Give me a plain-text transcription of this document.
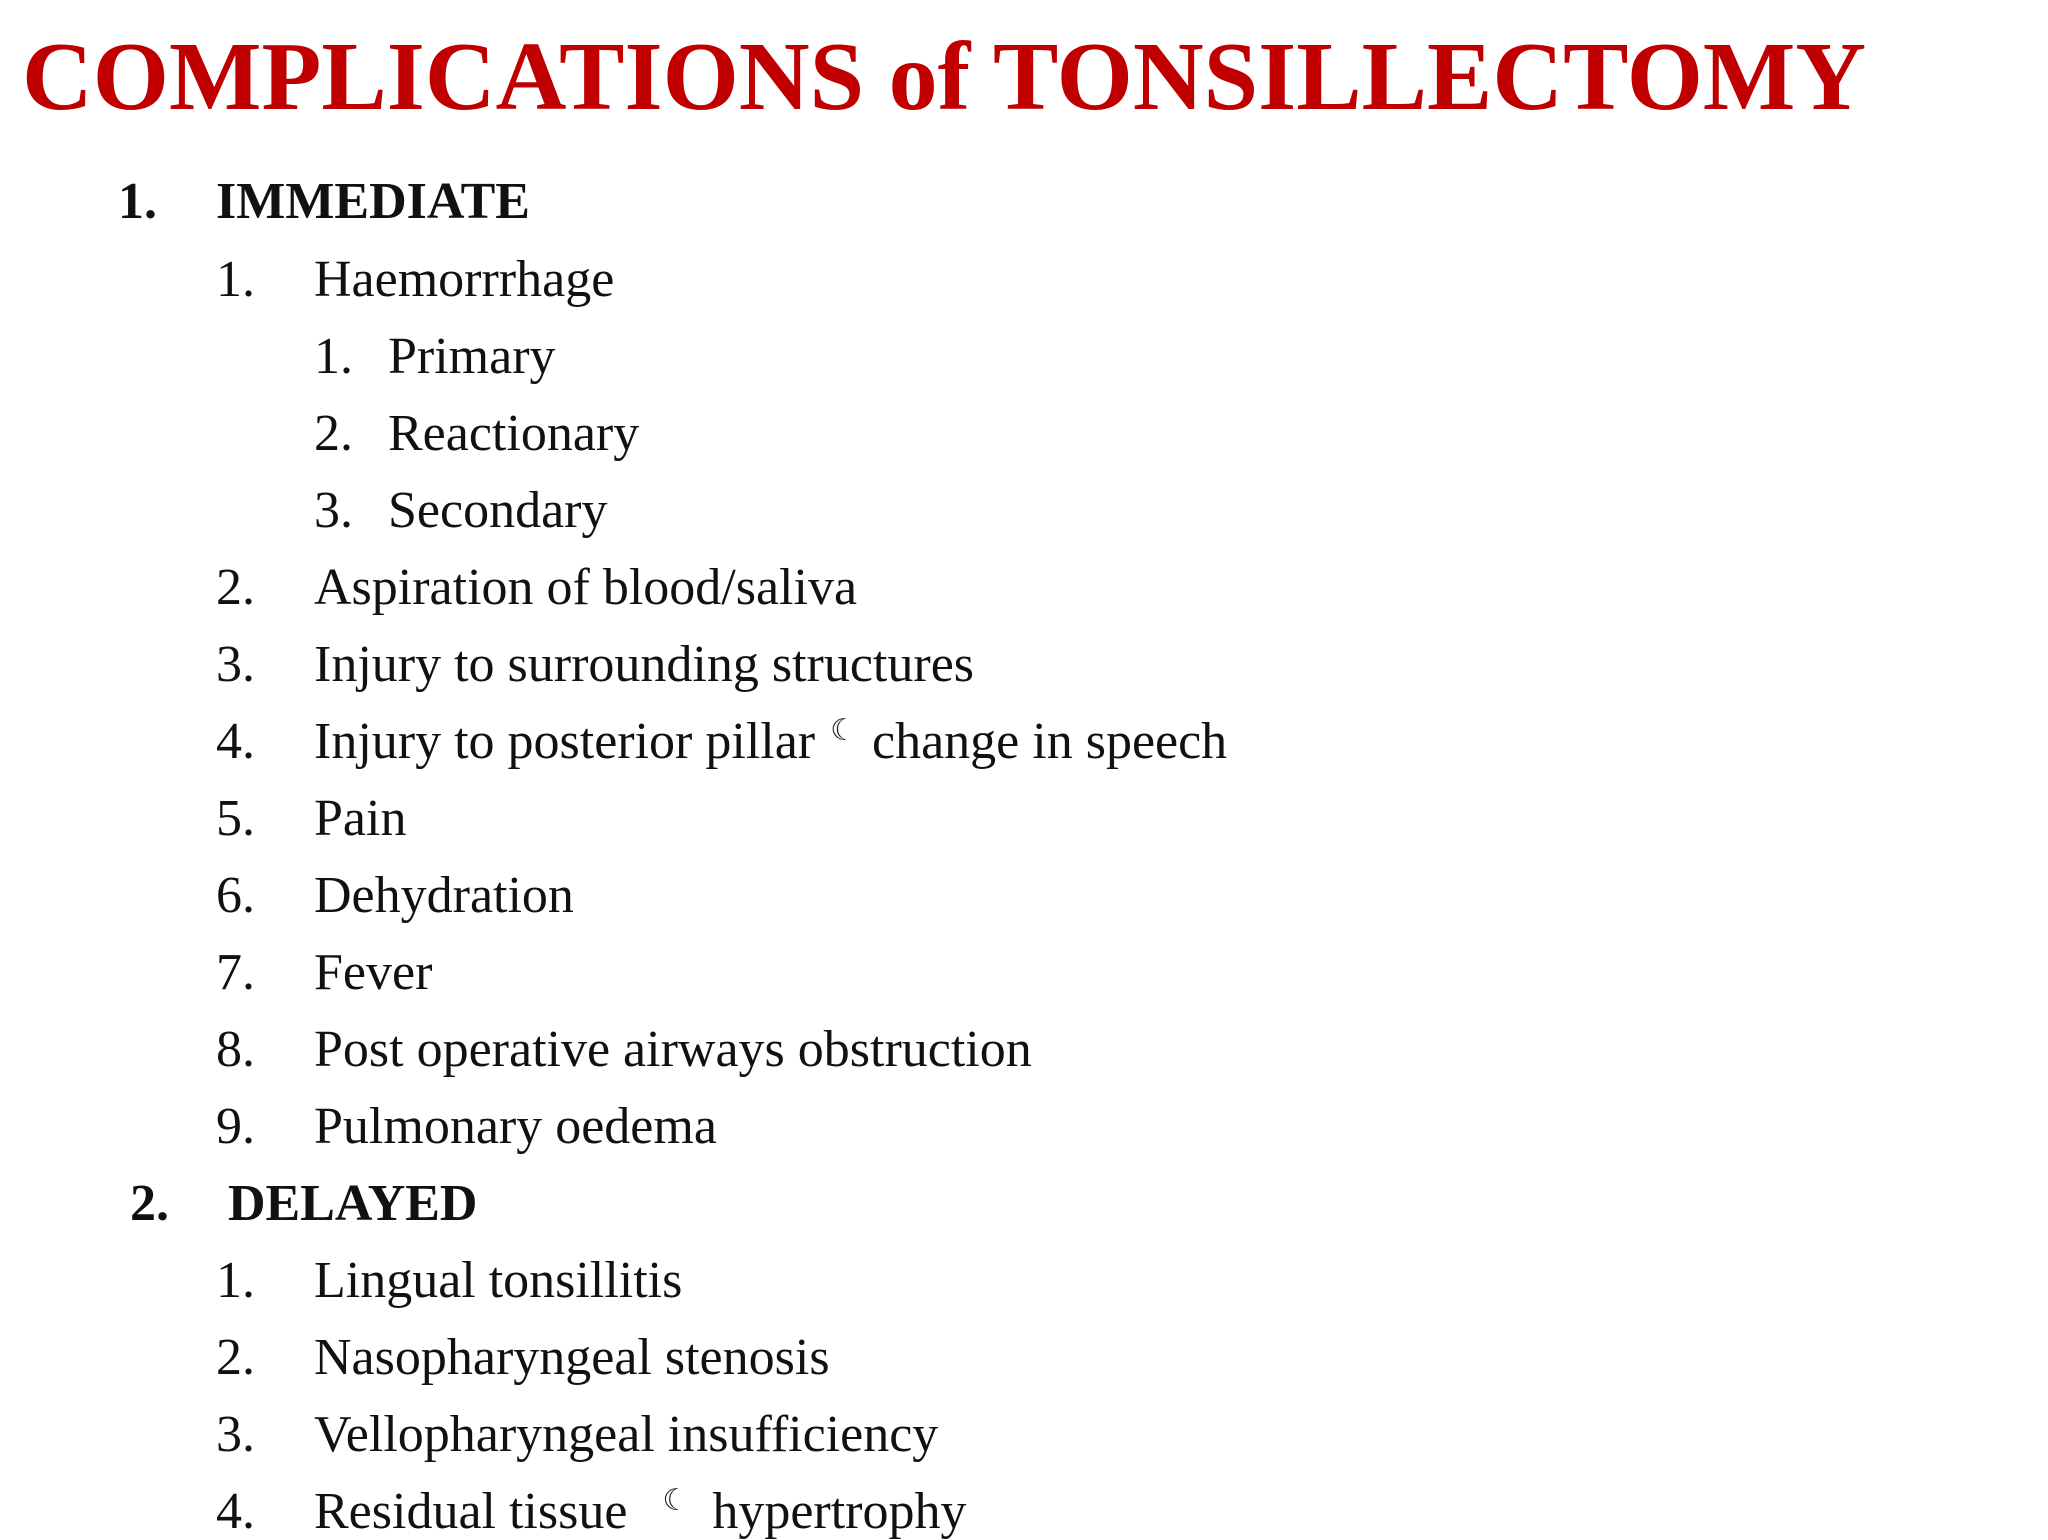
COMPLICATIONS of TONSILLECTOMY
1. IMMEDIATE
1. Haemorrrhage
1. Primary
2. Reactionary
3. Secondary
2. Aspiration of blood/saliva
3. Injury to surrounding structures
4. Injury to posterior pillar ☾ change in speech
5. Pain
6. Dehydration
7. Fever
8. Post operative airways obstruction
9. Pulmonary oedema
2. DELAYED
1. Lingual tonsillitis
2. Nasopharyngeal stenosis
3. Vellopharyngeal insufficiency
4. Residual tissue ☾ hypertrophy
